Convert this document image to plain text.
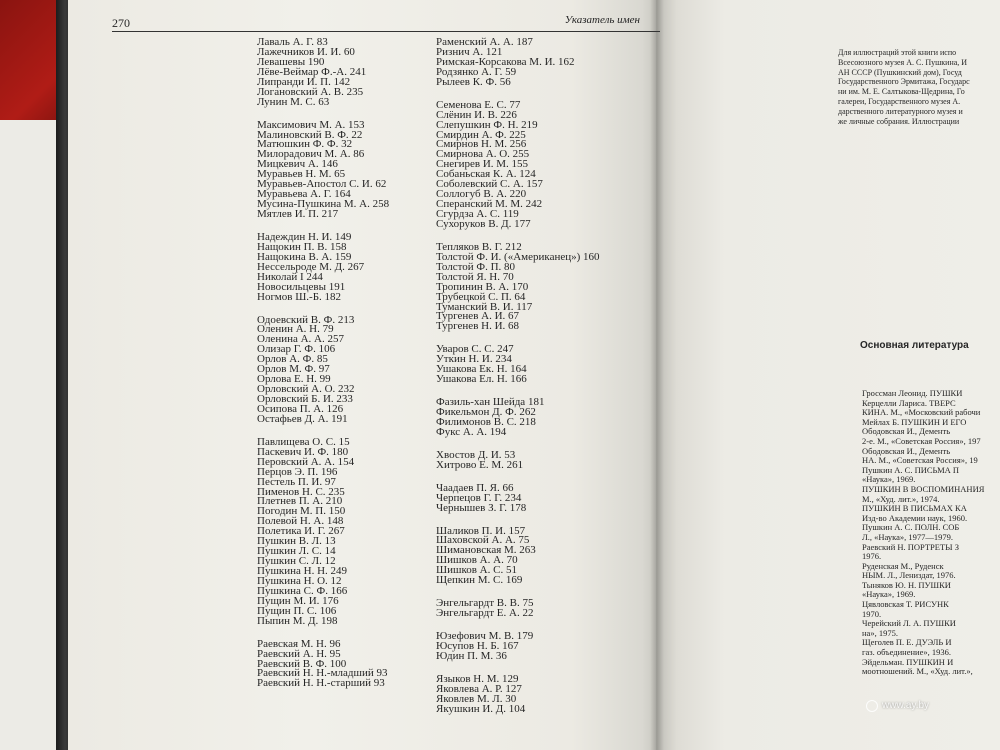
270	Указатель имен
Лаваль А. Г. 83
Лажечников И. И. 60
Левашевы 190
Лёве-Веймар Ф.-А. 241
Липранди И. П. 142
Логановский А. В. 235
Лунин М. С. 63
Максимович М. А. 153
Малиновский В. Ф. 22
Матюшкин Ф. Ф. 32
Милорадович М. А. 86
Мицкевич А. 146
Муравьев Н. М. 65
Муравьев-Апостол С. И. 62
Муравьева А. Г. 164
Мусина-Пушкина М. А. 258
Мятлев И. П. 217
Надеждин Н. И. 149
Нащокин П. В. 158
Нащокина В. А. 159
Нессельроде М. Д. 267
Николай I 244
Новосильцевы 191
Ногмов Ш.-Б. 182
Одоевский В. Ф. 213
Оленин А. Н. 79
Оленина А. А. 257
Олизар Г. Ф. 106
Орлов А. Ф. 85
Орлов М. Ф. 97
Орлова Е. Н. 99
Орловский А. О. 232
Орловский Б. И. 233
Осипова П. А. 126
Остафьев Д. А. 191
Павлищева О. С. 15
Паскевич И. Ф. 180
Перовский А. А. 154
Перцов Э. П. 196
Пестель П. И. 97
Пименов Н. С. 235
Плетнев П. А. 210
Погодин М. П. 150
Полевой Н. А. 148
Полетика И. Г. 267
Пушкин В. Л. 13
Пушкин Л. С. 14
Пушкин С. Л. 12
Пушкина Н. Н. 249
Пушкина Н. О. 12
Пушкина С. Ф. 166
Пущин М. И. 176
Пущин П. С. 106
Пыпин М. Д. 198
Раевская М. Н. 96
Раевский А. Н. 95
Раевский В. Ф. 100
Раевский Н. Н.-младший 93
Раевский Н. Н.-старший 93
Раменский А. А. 187
Ризнич А. 121
Римская-Корсакова М. И. 162
Родзянко А. Г. 59
Рылеев К. Ф. 56
Семенова Е. С. 77
Слёнин И. В. 226
Слепушкин Ф. Н. 219
Смирдин А. Ф. 225
Смирнов Н. М. 256
Смирнова А. О. 255
Снегирев И. М. 155
Собаньская К. А. 124
Соболевский С. А. 157
Соллогуб В. А. 220
Сперанский М. М. 242
Сгурдза А. С. 119
Сухоруков В. Д. 177
Тепляков В. Г. 212
Толстой Ф. И. («Американец») 160
Толстой Ф. П. 80
Толстой Я. Н. 70
Тропинин В. А. 170
Трубецкой С. П. 64
Туманский В. И. 117
Тургенев А. И. 67
Тургенев Н. И. 68
Уваров С. С. 247
Уткин Н. И. 234
Ушакова Ек. Н. 164
Ушакова Ел. Н. 166
Фазиль-хан Шейда 181
Фикельмон Д. Ф. 262
Филимонов В. С. 218
Фукс А. А. 194
Хвостов Д. И. 53
Хитрово Е. М. 261
Чаадаев П. Я. 66
Черпецов Г. Г. 234
Чернышев З. Г. 178
Шаликов П. И. 157
Шаховской А. А. 75
Шимановская М. 263
Шишков А. А. 70
Шишков А. С. 51
Щепкин М. С. 169
Энгельгардт В. В. 75
Энгельгардт Е. А. 22
Юзефович М. В. 179
Юсупов Н. Б. 167
Юдин П. М. 36
Языков Н. М. 129
Яковлева А. Р. 127
Яковлев М. Л. 30
Якушкин И. Д. 104
Для иллюстраций этой книги испо
Всесоюзного музея А. С. Пушкина, И
АН СССР (Пушкинский дом), Госуд
Государственного Эрмитажа, Государс
ни им. М. Е. Салтыкова-Щедрина, Го
галереи, Государственного музея А.
дарственного литературного музея и
же личные собрания. Иллюстрации
Основная литература
Гроссман Леонид. ПУШКИ
Керцелли Лариса. ТВЕРС
КИНА. М., «Московский рабочи
Мейлах Б. ПУШКИН И ЕГО
Ободовская И., Дементь
2-е. М., «Советская Россия», 197
Ободовская И., Дементь
НА. М., «Советская Россия», 19
Пушкин А. С. ПИСЬМА П
«Наука», 1969.
ПУШКИН В ВОСПОМИНАНИЯ
М., «Худ. лит.», 1974.
ПУШКИН В ПИСЬМАХ КА
Изд-во Академии наук, 1960.
Пушкин А. С. ПОЛН. СОБ
Л., «Наука», 1977—1979.
Раевский Н. ПОРТРЕТЫ З
1976.
Руденская М., Руденск
НЫМ. Л., Лениздат, 1976.
Тыняков Ю. Н. ПУШКИ
«Наука», 1969.
Цявловская Т. РИСУНК
1970.
Черейский Л. А. ПУШКИ
на», 1975.
Щеголев П. Е. ДУЭЛЬ И
газ. объединение», 1936.
Эйдельман. ПУШКИН И
моотношений. М., «Худ. лит.»,
www.ay.by
